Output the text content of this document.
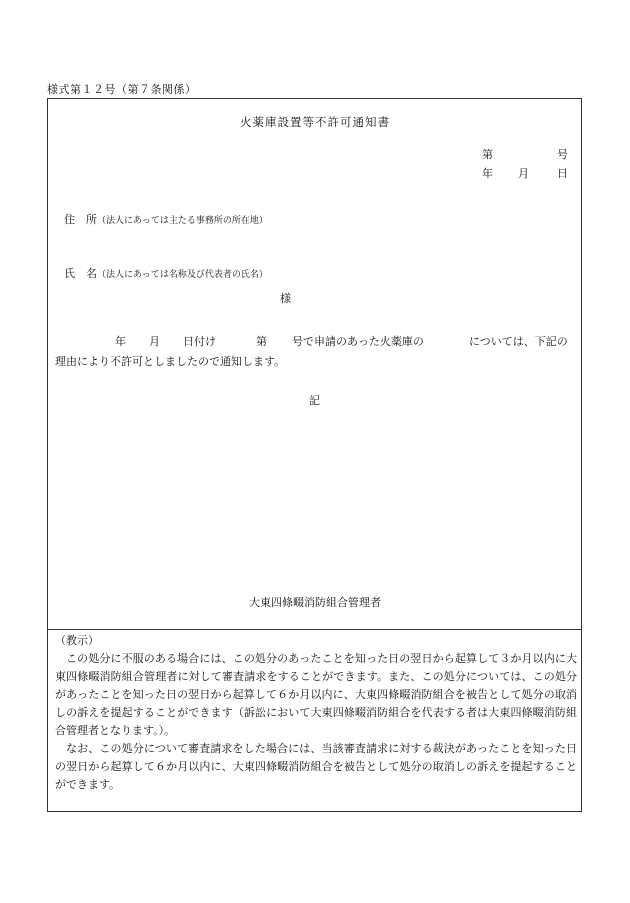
様式第１２号（第７条関係）
火薬庫設置等不許可通知書
第	号
年 月	日
住　所（法人にあっては主たる事務所の所在地）
氏　名（法人にあっては名称及び代表者の氏名）
様
年 月 日付け	第 号で申請のあった火薬庫の	については、下記の
理由により不許可としましたので通知します。
記
大東四條畷消防組合管理者

（教示）

この処分に不服のある場合には、この処分のあったことを知った日の翌日から起算して３か月以内に大東四條畷消防組合管理者に対して審査請求をすることができます。また、この処分については、この処分があったことを知った日の翌日から起算して６か月以内に、大東四條畷消防組合を被告として処分の取消しの訴えを提起することができます（訴訟において大東四條畷消防組合を代表する者は大東四條畷消防組合管理者となります。）。

なお、この処分について審査請求をした場合には、当該審査請求に対する裁決があったことを知った日の翌日から起算して６か月以内に、大東四條畷消防組合を被告として処分の取消しの訴えを提起することができます。
